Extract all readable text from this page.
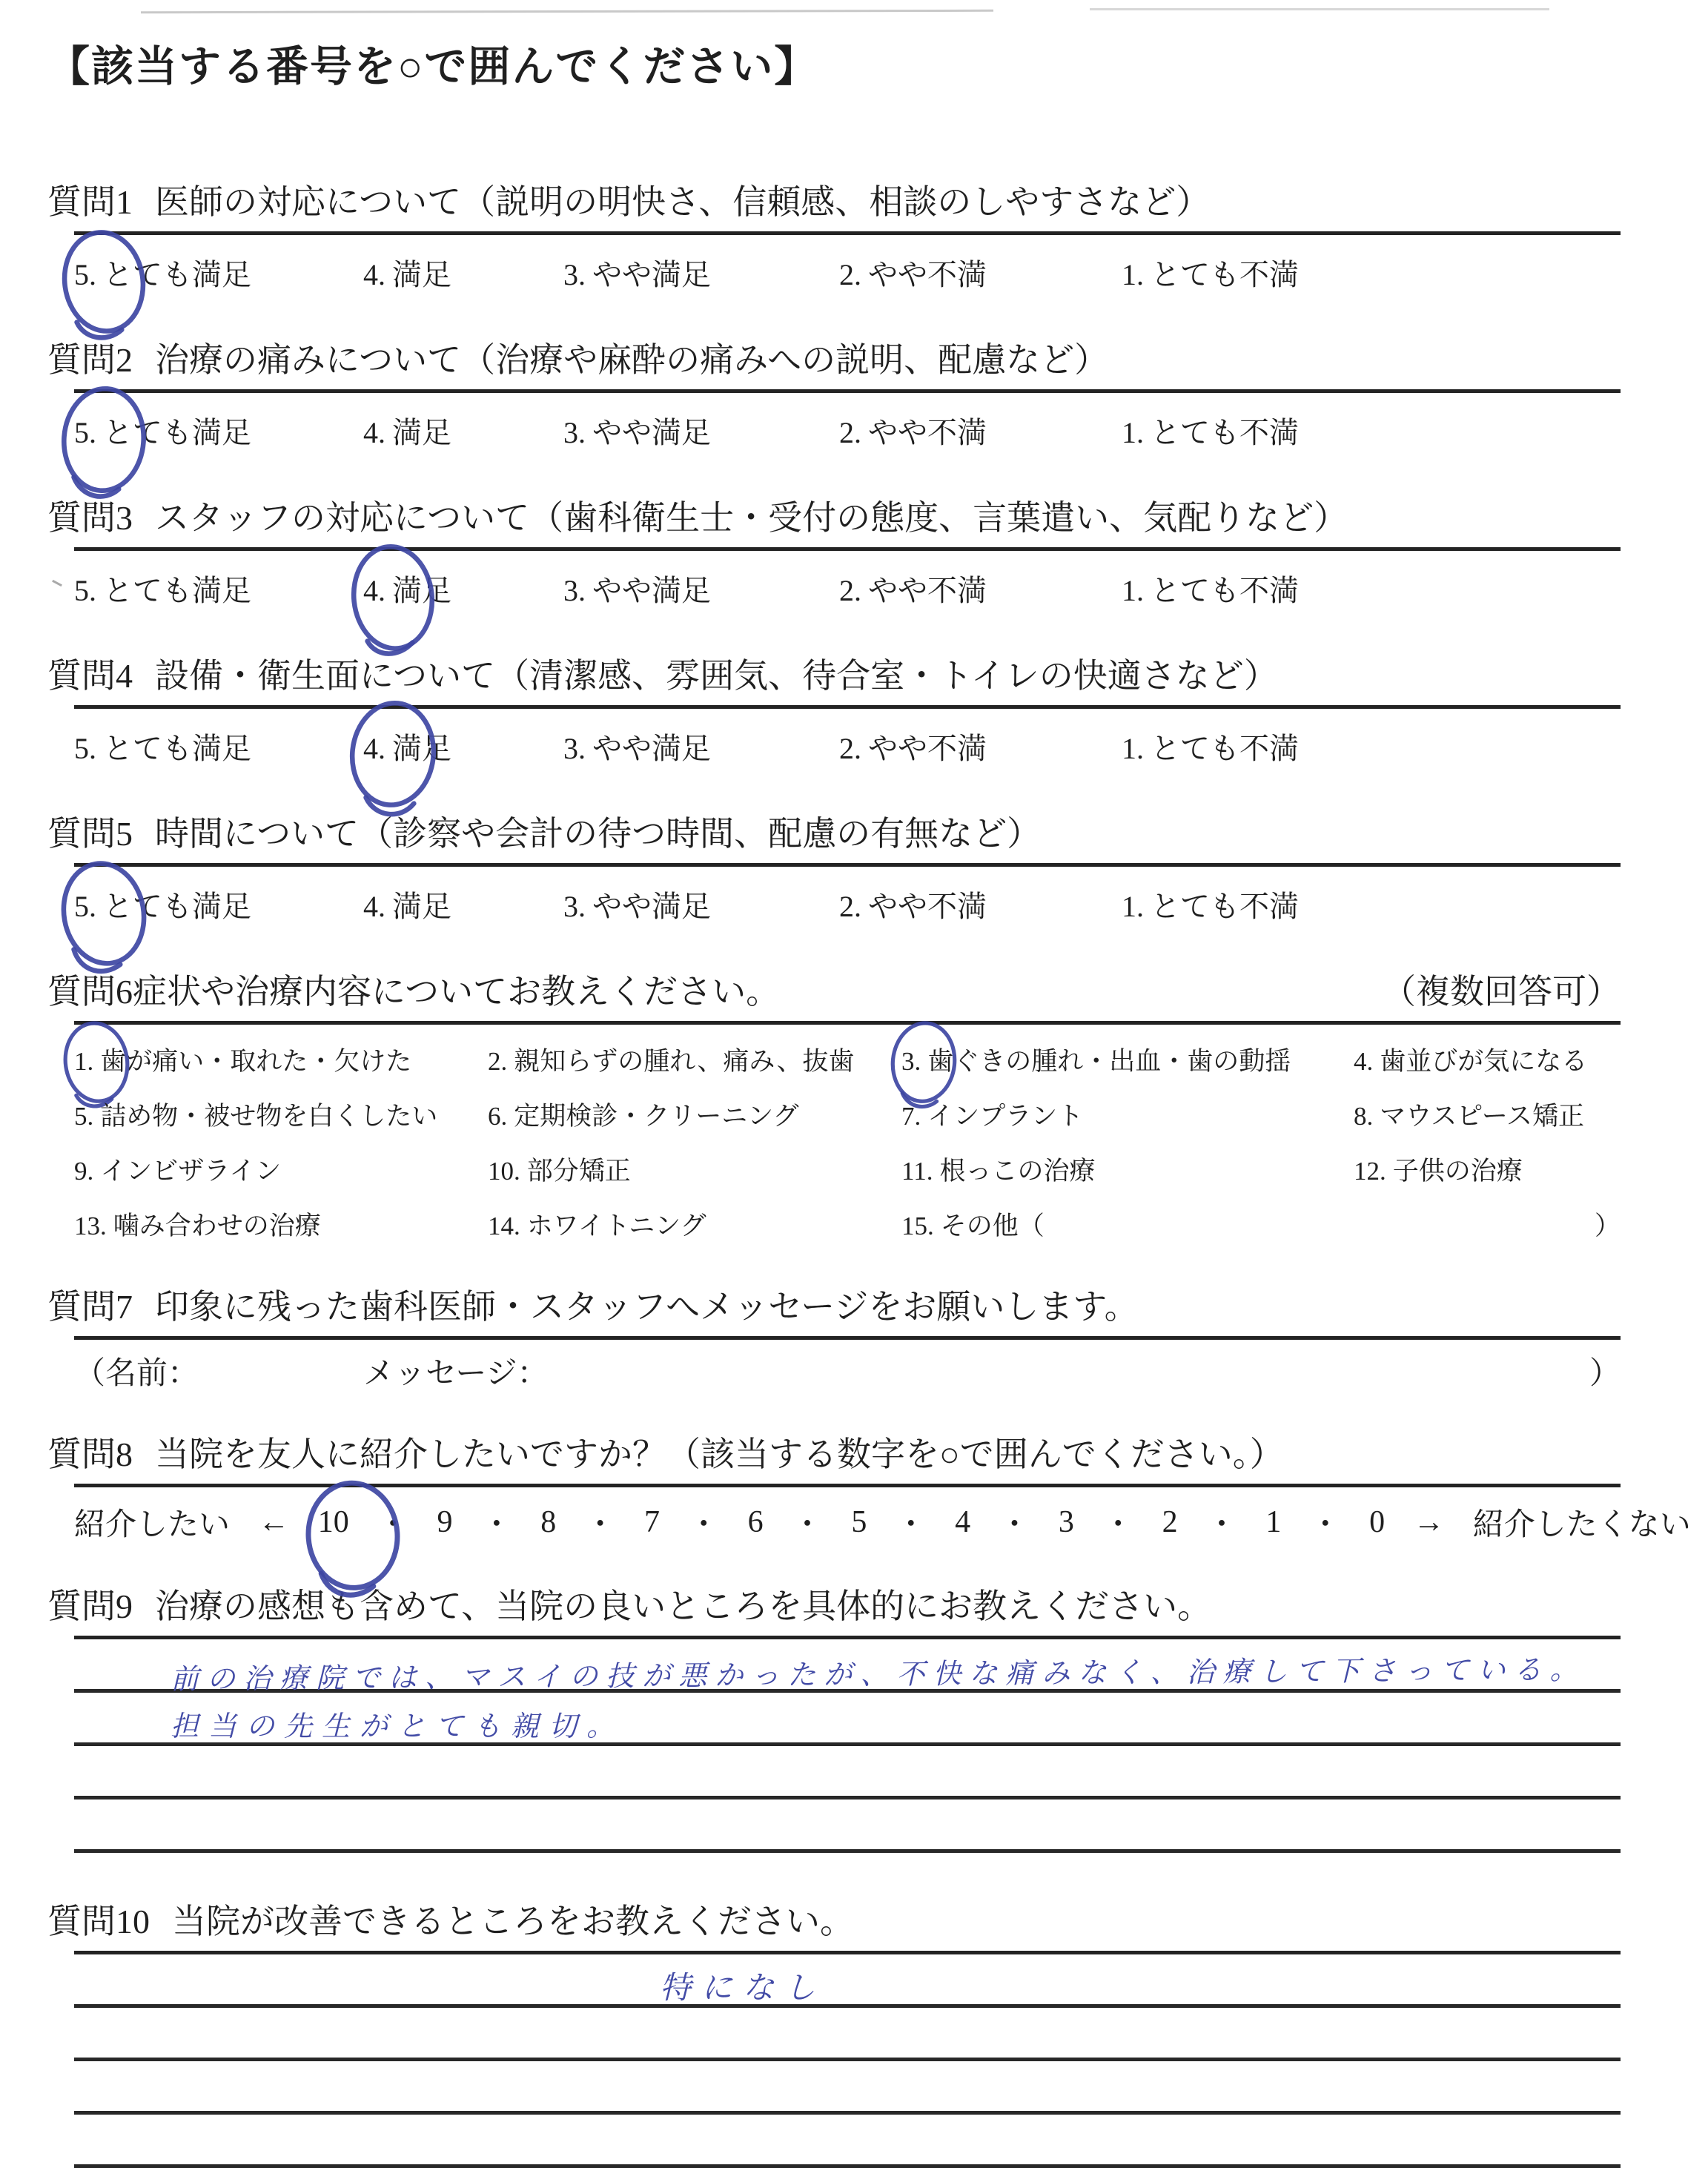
【該当する番号を○で囲んでください】
質問1 医師の対応について（説明の明快さ、信頼感、相談のしやすさなど）
5. とても満足	4. 満足	3. やや満足	2. やや不満	1. とても不満
質問2 治療の痛みについて（治療や麻酔の痛みへの説明、配慮など）
5. とても満足	4. 満足	3. やや満足	2. やや不満	1. とても不満
質問3 スタッフの対応について（歯科衛生士・受付の態度、言葉遣い、気配りなど）
5. とても満足	4. 満足	3. やや満足	2. やや不満	1. とても不満
質問4 設備・衛生面について（清潔感、雰囲気、待合室・トイレの快適さなど）
5. とても満足	4. 満足	3. やや満足	2. やや不満	1. とても不満
質問5 時間について（診察や会計の待つ時間、配慮の有無など）
5. とても満足	4. 満足	3. やや満足	2. やや不満	1. とても不満
質問6症状や治療内容についてお教えください。	（複数回答可）
1. 歯が痛い・取れた・欠けた	2. 親知らずの腫れ、痛み、抜歯	3. 歯ぐきの腫れ・出血・歯の動揺	4. 歯並びが気になる
5. 詰め物・被せ物を白くしたい	6. 定期検診・クリーニング	7. インプラント	8. マウスピース矯正
9. インビザライン	10. 部分矯正	11. 根っこの治療	12. 子供の治療
13. 噛み合わせの治療	14. ホワイトニング	15. その他（	）
質問7 印象に残った歯科医師・スタッフへメッセージをお願いします。
（名前：	メッセージ：	）
質問8 当院を友人に紹介したいですか？（該当する数字を○で囲んでください。）
紹介したい ← 10 ・ 9 ・ 8 ・ 7 ・ 6 ・ 5 ・ 4 ・ 3 ・ 2 ・ 1 ・ 0 → 紹介したくない
質問9 治療の感想も含めて、当院の良いところを具体的にお教えください。
前の治療院では、マスイの技が悪かったが、不快な痛みなく、治療して下さっている。
担当の先生がとても親切。
質問10 当院が改善できるところをお教えください。
特になし
